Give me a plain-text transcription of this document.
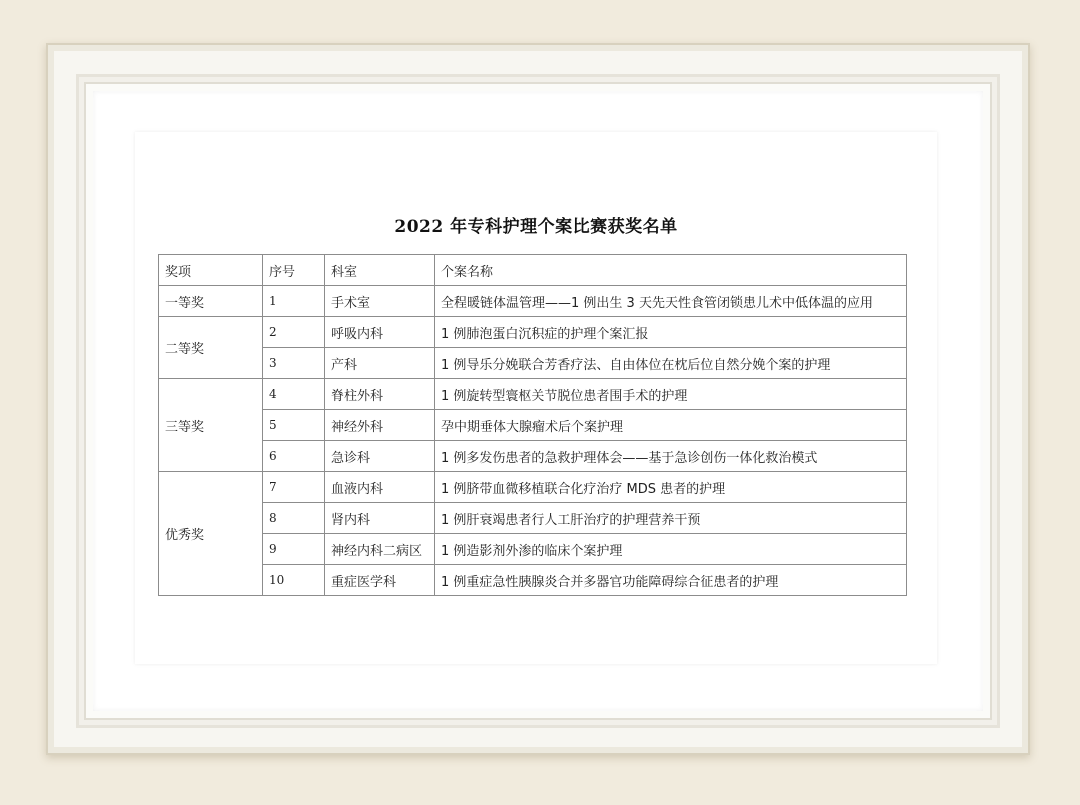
2022 年专科护理个案比赛获奖名单
奖项	序号	科室	个案名称
一等奖	1	手术室	全程暖链体温管理——1 例出生 3 天先天性食管闭锁患儿术中低体温的应用
二等奖	2	呼吸内科	1 例肺泡蛋白沉积症的护理个案汇报
	3	产科	1 例导乐分娩联合芳香疗法、自由体位在枕后位自然分娩个案的护理
三等奖	4	脊柱外科	1 例旋转型寰枢关节脱位患者围手术的护理
	5	神经外科	孕中期垂体大腺瘤术后个案护理
	6	急诊科	1 例多发伤患者的急救护理体会——基于急诊创伤一体化救治模式
优秀奖	7	血液内科	1 例脐带血微移植联合化疗治疗 MDS 患者的护理
	8	肾内科	1 例肝衰竭患者行人工肝治疗的护理营养干预
	9	神经内科二病区	1 例造影剂外渗的临床个案护理
	10	重症医学科	1 例重症急性胰腺炎合并多器官功能障碍综合征患者的护理
